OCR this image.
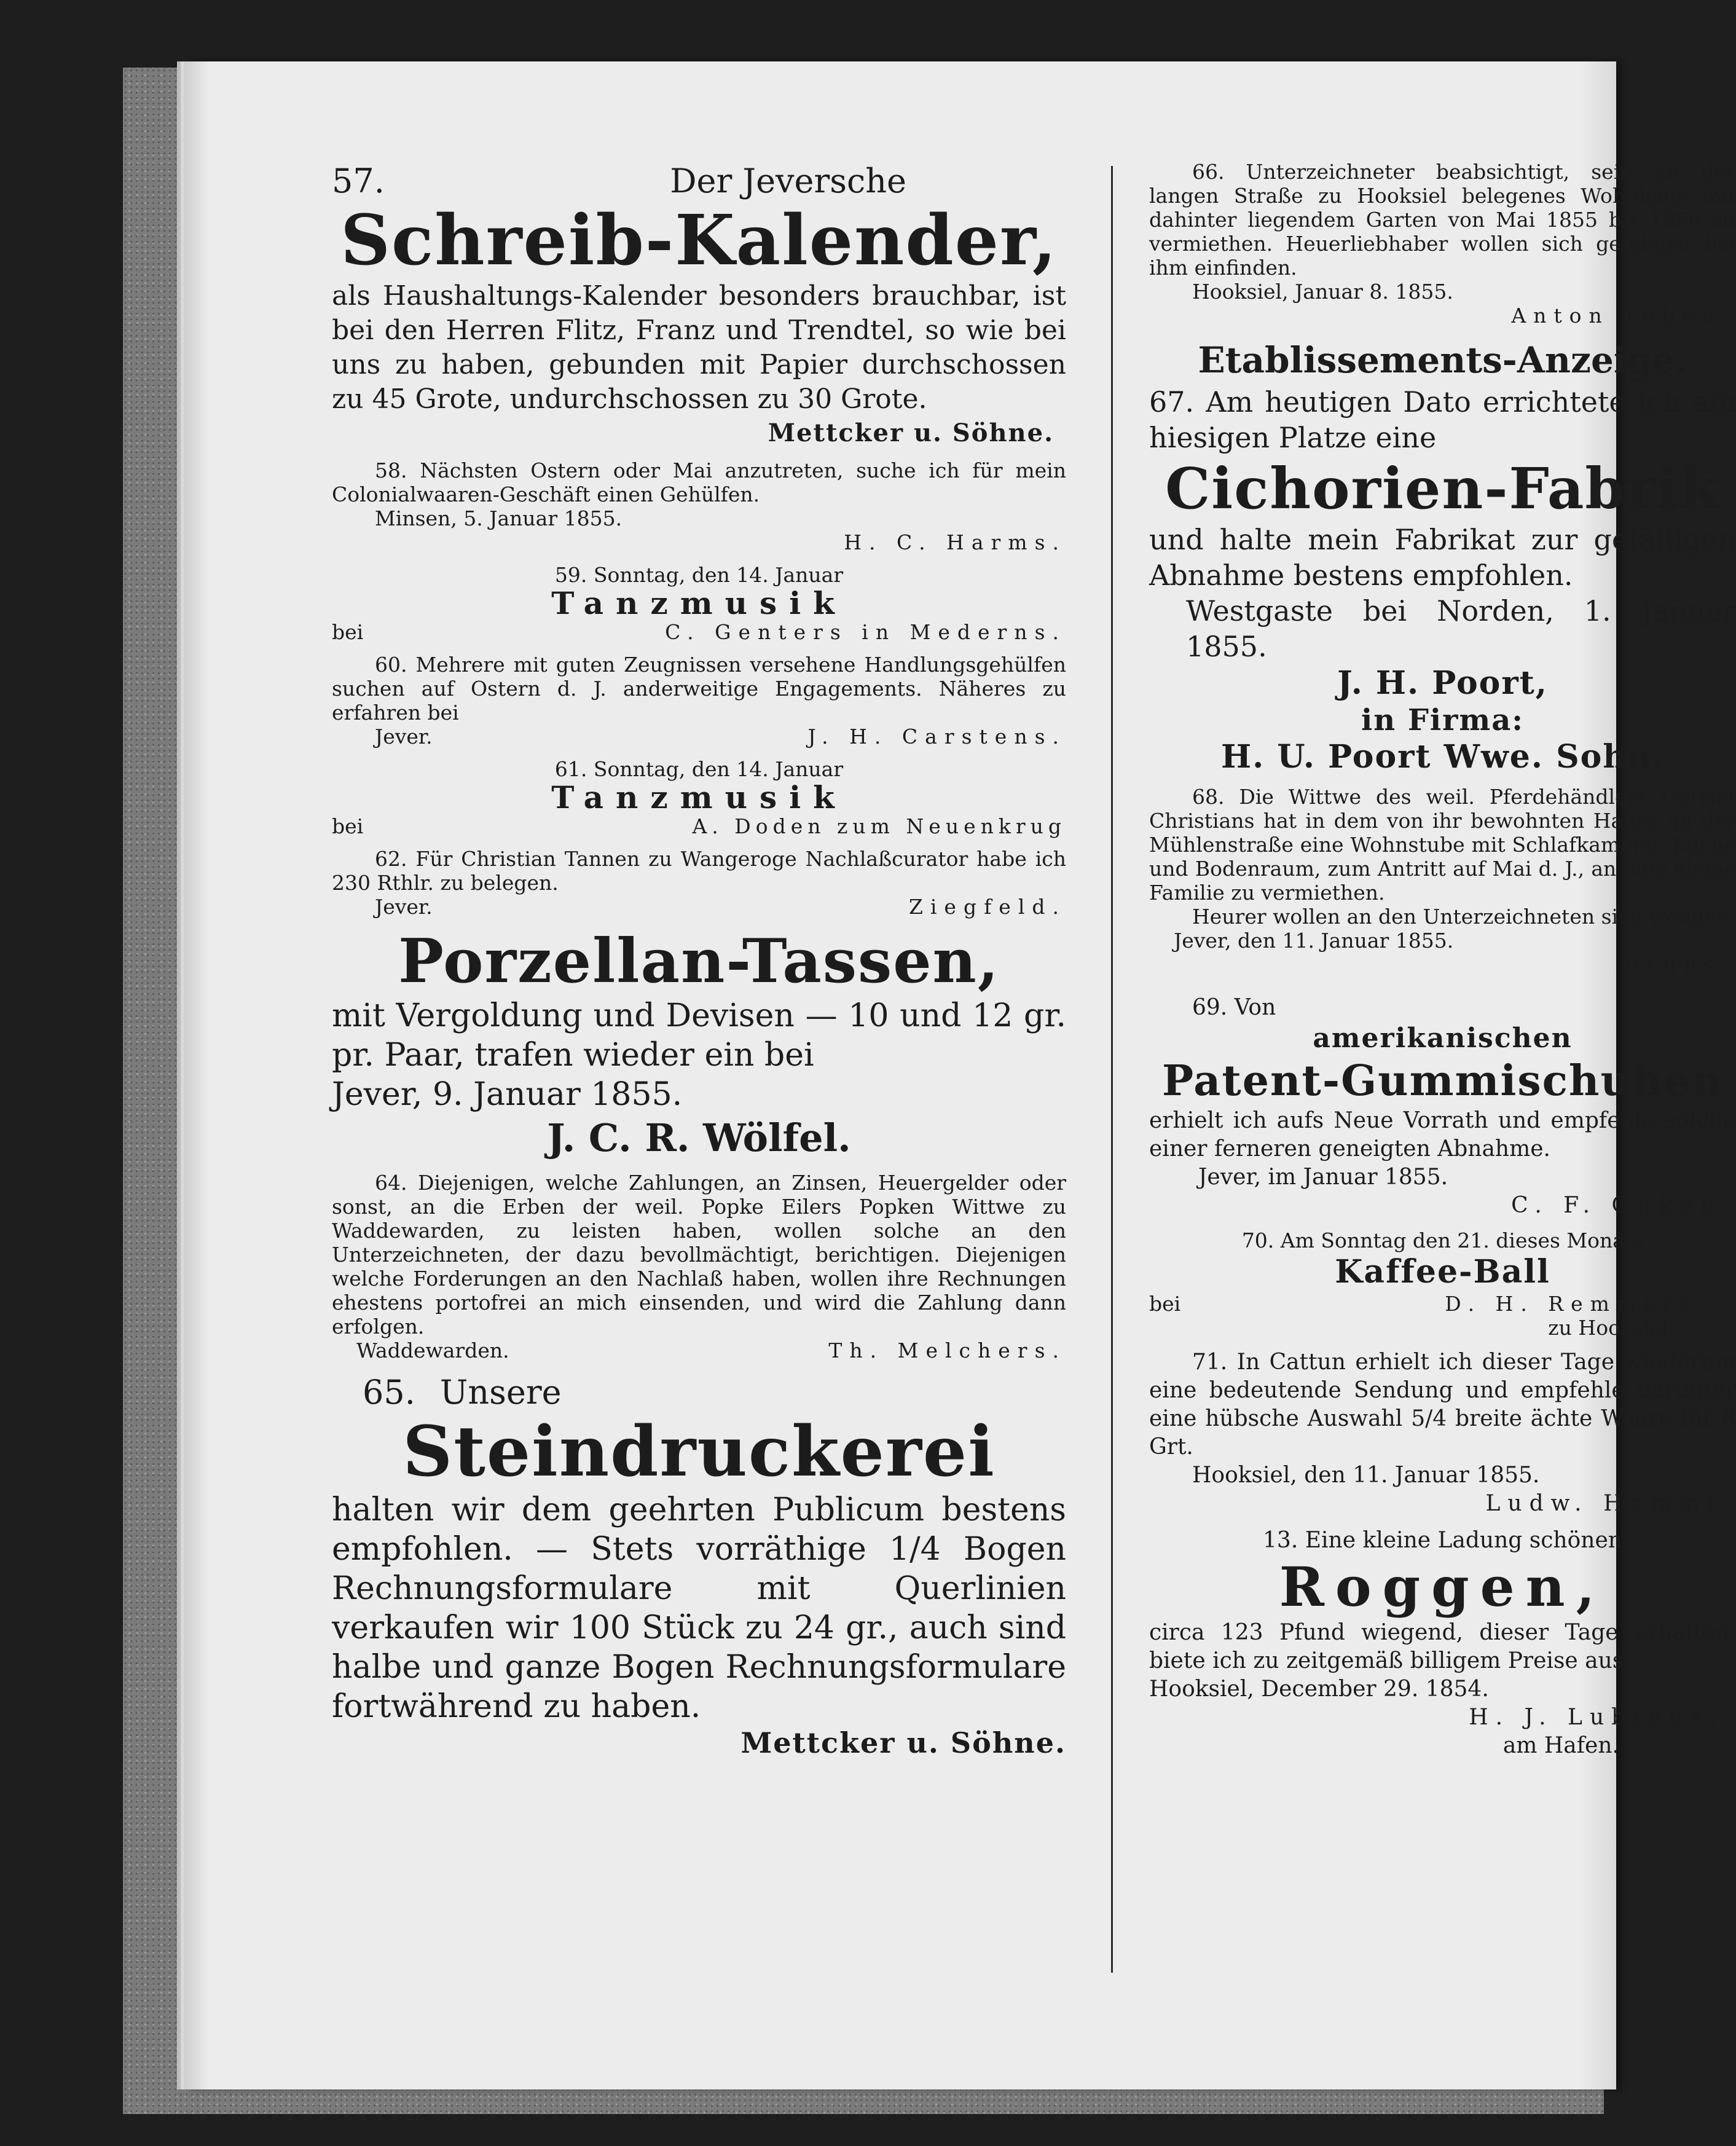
57.	Der Jeversche

Schreib-Kalender,

als Haushaltungs-Kalender besonders brauchbar, ist bei den Herren Flitz, Franz und Trendtel, so wie bei uns zu haben, gebunden mit Papier durchschossen zu 45 Grote, undurchschossen zu 30 Grote.

Mettcker u. Söhne.

58. Nächsten Ostern oder Mai anzutreten, suche ich für mein Colonialwaaren-Geschäft einen Gehülfen.

Minsen, 5. Januar 1855.

H. C. Harms.

59. Sonntag, den 14. Januar

Tanzmusik

bei	C. Genters in Mederns.

60. Mehrere mit guten Zeugnissen versehene Handlungsgehülfen suchen auf Ostern d. J. anderweitige Engagements. Näheres zu erfahren bei

Jever.	J. H. Carstens.

61. Sonntag, den 14. Januar

Tanzmusik

bei	A. Doden zum Neuenkrug

62. Für Christian Tannen zu Wangeroge Nachlaßcurator habe ich 230 Rthlr. zu belegen.

Jever.	Ziegfeld.

Porzellan-Tassen,

mit Vergoldung und Devisen — 10 und 12 gr. pr. Paar, trafen wieder ein bei

Jever, 9. Januar 1855.

J. C. R. Wölfel.

64. Diejenigen, welche Zahlungen, an Zinsen, Heuergelder oder sonst, an die Erben der weil. Popke Eilers Popken Wittwe zu Waddewarden, zu leisten haben, wollen solche an den Unterzeichneten, der dazu bevollmächtigt, berichtigen. Diejenigen welche Forderungen an den Nachlaß haben, wollen ihre Rechnungen ehestens portofrei an mich einsenden, und wird die Zahlung dann erfolgen.

Waddewarden.	Th. Melchers.

65. Unsere

Steindruckerei

halten wir dem geehrten Publicum bestens empfohlen. — Stets vorräthige 1/4 Bogen Rechnungsformulare mit Querlinien verkaufen wir 100 Stück zu 24 gr., auch sind halbe und ganze Bogen Rechnungsformulare fortwährend zu haben.

Mettcker u. Söhne.

66. Unterzeichneter beabsichtigt, sein an der langen Straße zu Hooksiel belegenes Wohnhaus mit dahinter liegendem Garten von Mai 1855 bis 1856 zu vermiethen. Heuerliebhaber wollen sich gefälligst bei ihm einfinden.

Hooksiel, Januar 8. 1855.

Anton Toben.

Etablissements-Anzeige.

67. Am heutigen Dato errichtete ich am hiesigen Platze eine

Cichorien-Fabrik

und halte mein Fabrikat zur gefälligen Abnahme bestens empfohlen.

Westgaste bei Norden, 1. Januar 1855.

J. H. Poort,

in Firma:

H. U. Poort Wwe. Sohn.

68. Die Wittwe des weil. Pferdehändlers Gerriet Christians hat in dem von ihr bewohnten Hause an der Mühlenstraße eine Wohnstube mit Schlafkammer, Küche und Bodenraum, zum Antritt auf Mai d. J., an eine kleine Familie zu vermiethen.

Heurer wollen an den Unterzeichneten sich wenden.

Jever, den 11. Januar 1855.

Bruns.

69. Von

amerikanischen

Patent-Gummischuhen

erhielt ich aufs Neue Vorrath und empfehle solche einer ferneren geneigten Abnahme.

Jever, im Januar 1855.

C. F. Onken.

70. Am Sonntag den 21. dieses Monats

Kaffee-Ball

bei	D. H. Remmers,

zu Hooksiel.

71. In Cattun erhielt ich dieser Tage wiederum eine bedeutende Sendung und empfehle darunter eine hübsche Auswahl 5/4 breite ächte Waare für 8 Grt.

Hooksiel, den 11. Januar 1855.

Ludw. Hemmi.

13. Eine kleine Ladung schönen

Roggen,

circa 123 Pfund wiegend, dieser Tage erhalten, biete ich zu zeitgemäß billigem Preise aus.

Hooksiel, December 29. 1854.

H. J. Lubinus,

am Hafen.
